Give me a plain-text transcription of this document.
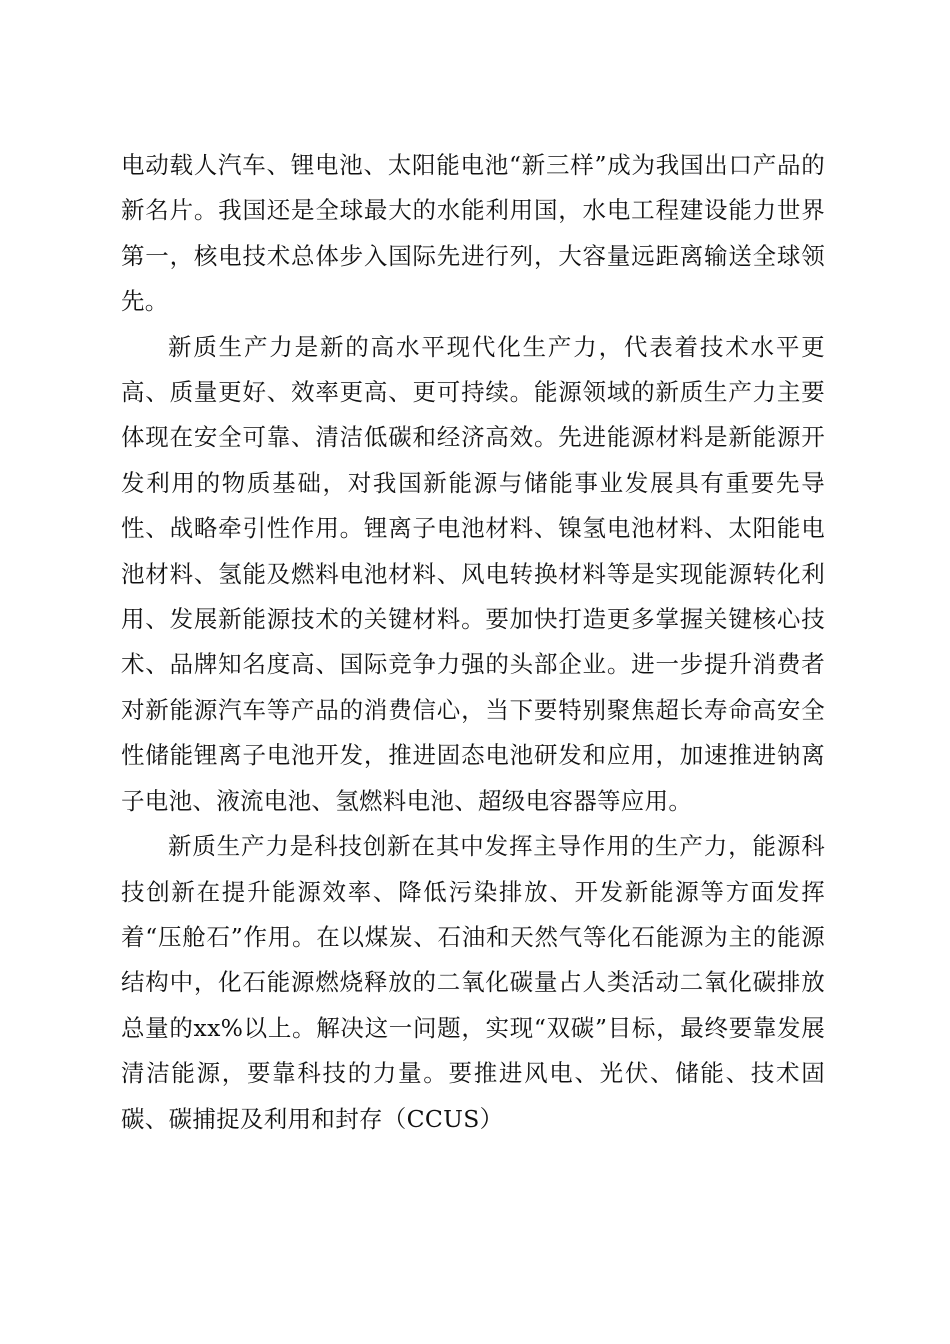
电动载人汽车、锂电池、太阳能电池“新三样”成为我国出口产品的新名片。我国还是全球最大的水能利用国，水电工程建设能力世界第一，核电技术总体步入国际先进行列，大容量远距离输送全球领先。

新质生产力是新的高水平现代化生产力，代表着技术水平更高、质量更好、效率更高、更可持续。能源领域的新质生产力主要体现在安全可靠、清洁低碳和经济高效。先进能源材料是新能源开发利用的物质基础，对我国新能源与储能事业发展具有重要先导性、战略牵引性作用。锂离子电池材料、镍氢电池材料、太阳能电池材料、氢能及燃料电池材料、风电转换材料等是实现能源转化利用、发展新能源技术的关键材料。要加快打造更多掌握关键核心技术、品牌知名度高、国际竞争力强的头部企业。进一步提升消费者对新能源汽车等产品的消费信心，当下要特别聚焦超长寿命高安全性储能锂离子电池开发，推进固态电池研发和应用，加速推进钠离子电池、液流电池、氢燃料电池、超级电容器等应用。

新质生产力是科技创新在其中发挥主导作用的生产力，能源科技创新在提升能源效率、降低污染排放、开发新能源等方面发挥着“压舱石”作用。在以煤炭、石油和天然气等化石能源为主的能源结构中，化石能源燃烧释放的二氧化碳量占人类活动二氧化碳排放总量的xx%以上。解决这一问题，实现“双碳”目标，最终要靠发展清洁能源，要靠科技的力量。要推进风电、光伏、储能、技术固碳、碳捕捉及利用和封存（CCUS）
